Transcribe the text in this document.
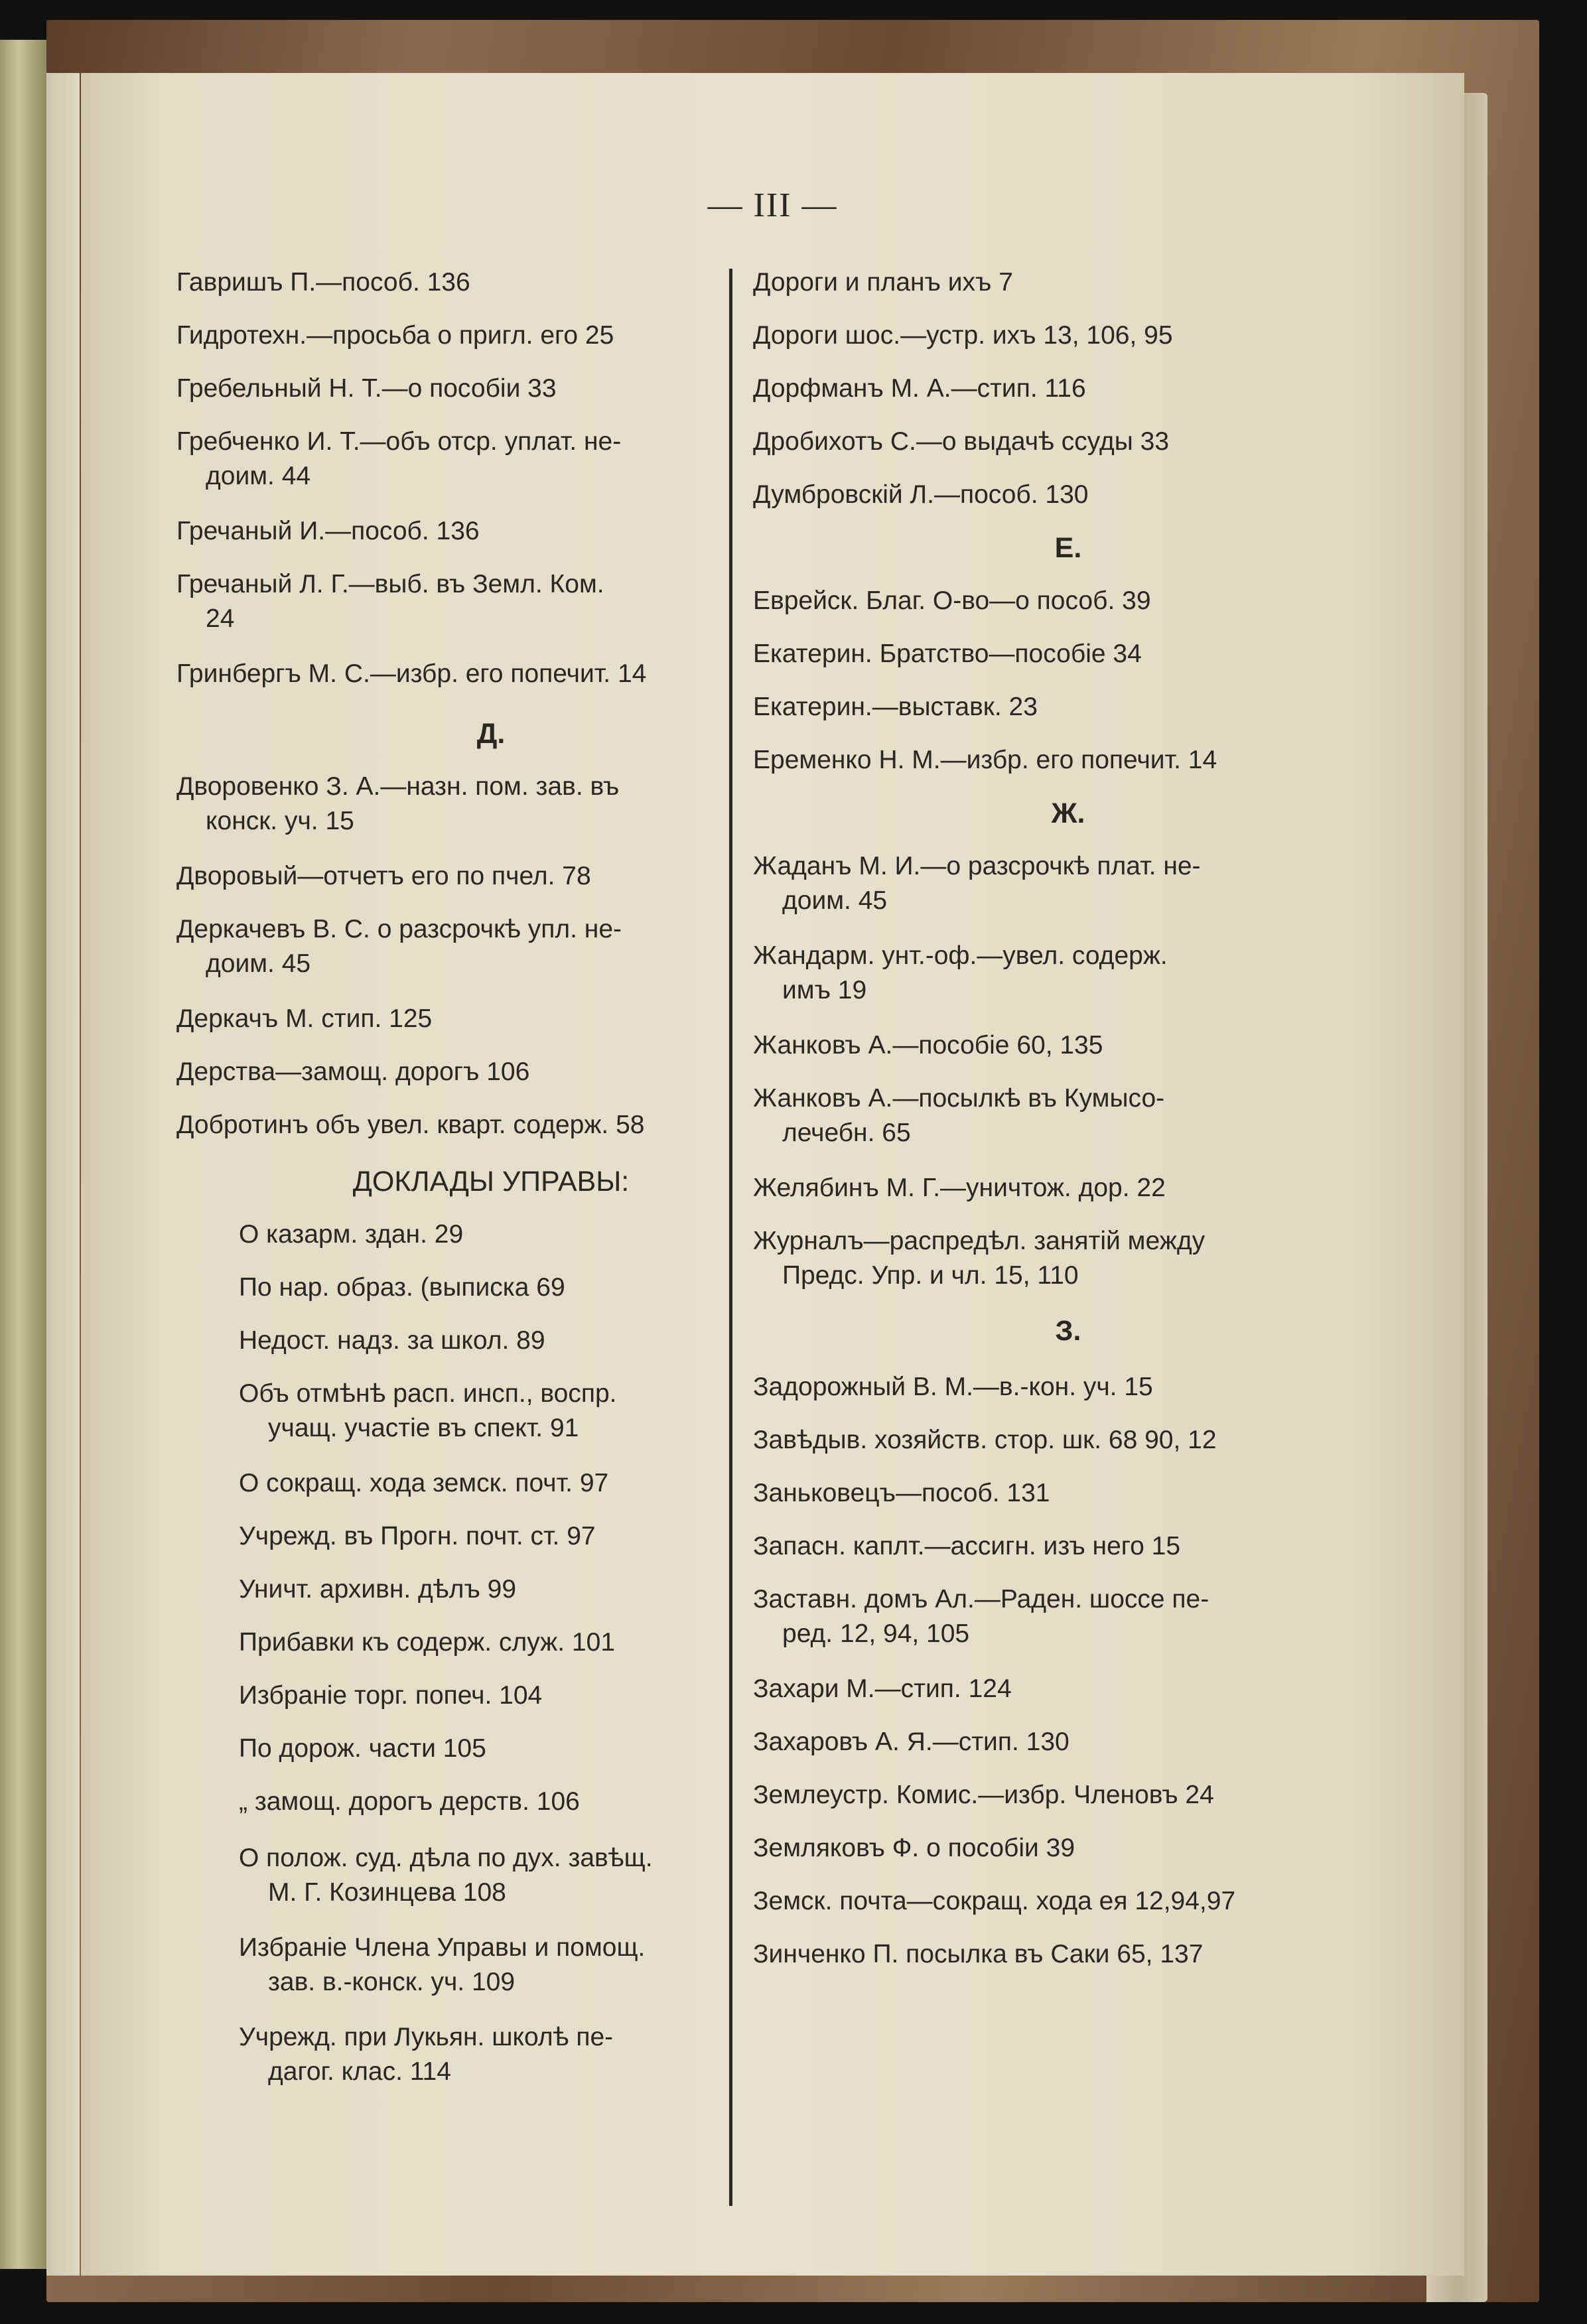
— III —
Гавришъ П.—пособ. 136
Гидротехн.—просьба о пригл. его 25
Гребельный Н. Т.—о пособіи 33
Гребченко И. Т.—объ отср. уплат. не-
доим. 44
Гречаный И.—пособ. 136
Гречаный Л. Г.—выб. въ Земл. Ком.
24
Гринбергъ М. С.—избр. его попечит. 14
Д.
Дворовенко З. А.—назн. пом. зав. въ
конск. уч. 15
Дворовый—отчетъ его по пчел. 78
Деркачевъ В. С. о разсрочкѣ упл. не-
доим. 45
Деркачъ М. стип. 125
Дерства—замощ. дорогъ 106
Добротинъ объ увел. кварт. содерж. 58
ДОКЛАДЫ УПРАВЫ:
О казарм. здан. 29
По нар. образ. (выписка 69
Недост. надз. за школ. 89
Объ отмѣнѣ расп. инсп., воспр.
учащ. участіе въ спект. 91
О сокращ. хода земск. почт. 97
Учрежд. въ Прогн. почт. ст. 97
Уничт. архивн. дѣлъ 99
Прибавки къ содерж. служ. 101
Избраніе торг. попеч. 104
По дорож. части 105
„ замощ. дорогъ дерств. 106
О полож. суд. дѣла по дух. завѣщ.
М. Г. Козинцева 108
Избраніе Члена Управы и помощ.
зав. в.-конск. уч. 109
Учрежд. при Лукьян. школѣ пе-
дагог. клас. 114
Дороги и планъ ихъ 7
Дороги шос.—устр. ихъ 13, 106, 95
Дорфманъ М. А.—стип. 116
Дробихотъ С.—о выдачѣ ссуды 33
Думбровскій Л.—пособ. 130
Е.
Еврейск. Благ. О-во—о пособ. 39
Екатерин. Братство—пособіе 34
Екатерин.—выставк. 23
Еременко Н. М.—избр. его попечит. 14
Ж.
Жаданъ М. И.—о разсрочкѣ плат. не-
доим. 45
Жандарм. унт.-оф.—увел. содерж.
имъ 19
Жанковъ А.—пособіе 60, 135
Жанковъ А.—посылкѣ въ Кумысо-
лечебн. 65
Желябинъ М. Г.—уничтож. дор. 22
Журналъ—распредѣл. занятій между
Предс. Упр. и чл. 15, 110
З.
Задорожный В. М.—в.-кон. уч. 15
Завѣдыв. хозяйств. стор. шк. 68 90, 12
Заньковецъ—пособ. 131
Запасн. каплт.—ассигн. изъ него 15
Заставн. домъ Ал.—Раден. шоссе пе-
ред. 12, 94, 105
Захари М.—стип. 124
Захаровъ А. Я.—стип. 130
Землеустр. Комис.—избр. Членовъ 24
Земляковъ Ф. о пособіи 39
Земск. почта—сокращ. хода ея 12,94,97
Зинченко П. посылка въ Саки 65, 137
